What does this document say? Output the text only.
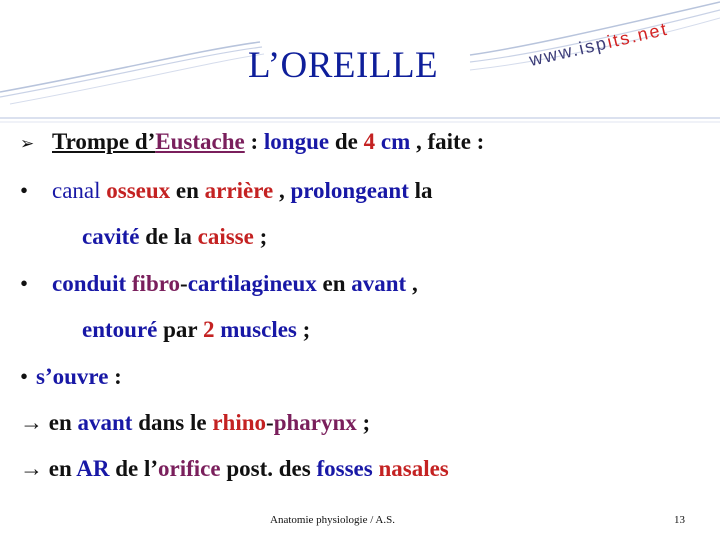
L’OREILLE	www.ispits.net
➢ Trompe d’Eustache : longue de 4 cm , faite :
• canal osseux en arrière , prolongeant la
cavité de la caisse ;
• conduit fibro-cartilagineux en avant ,
entouré par 2 muscles ;
• s’ouvre :
→ en avant dans le rhino-pharynx ;
→ en AR de l’orifice post. des fosses nasales
Anatomie physiologie / A.S.	13
